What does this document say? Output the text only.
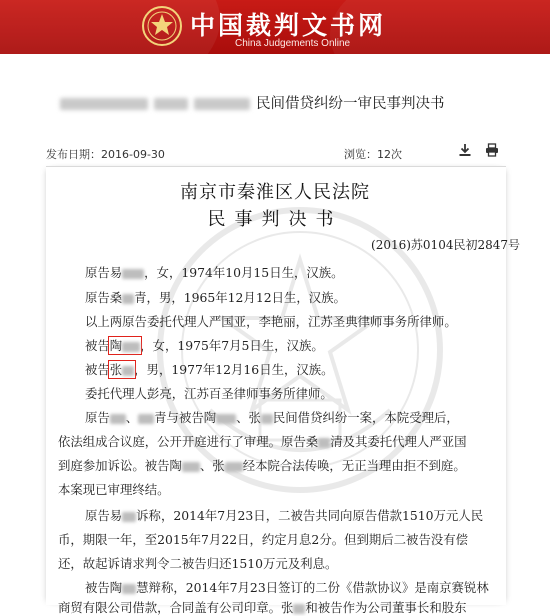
中国裁判文书网
China Judgements Online
民间借贷纠纷一审民事判决书
发布日期：2016-09-30	浏览：12次
南京市秦淮区人民法院
民事判决书
(2016)苏0104民初2847号
原告易 ，女，1974年10月15日生，汉族。
原告桑 青，男，1965年12月12日生，汉族。
以上两原告委托代理人严国亚，李艳丽，江苏圣典律师事务所律师。
被告陶 ，女，1975年7月5日生，汉族。
被告张 ，男，1977年12月16日生，汉族。
委托代理人彭亮，江苏百圣律师事务所律师。
原告 、 青与被告陶 、张 民间借贷纠纷一案，本院受理后，
依法组成合议庭，公开开庭进行了审理。原告桑 清及其委托代理人严亚国
到庭参加诉讼。被告陶 、张 经本院合法传唤，无正当理由拒不到庭。
本案现已审理终结。
原告易 诉称，2014年7月23日，二被告共同向原告借款1510万元人民
币，期限一年，至2015年7月22日，约定月息2分。但到期后二被告没有偿
还，故起诉请求判令二被告归还1510万元及利息。
被告陶 慧辩称，2014年7月23日签订的二份《借款协议》是南京赛锐林
商贸有限公司借款，合同盖有公司印章。张 和被告作为公司董事长和股东
